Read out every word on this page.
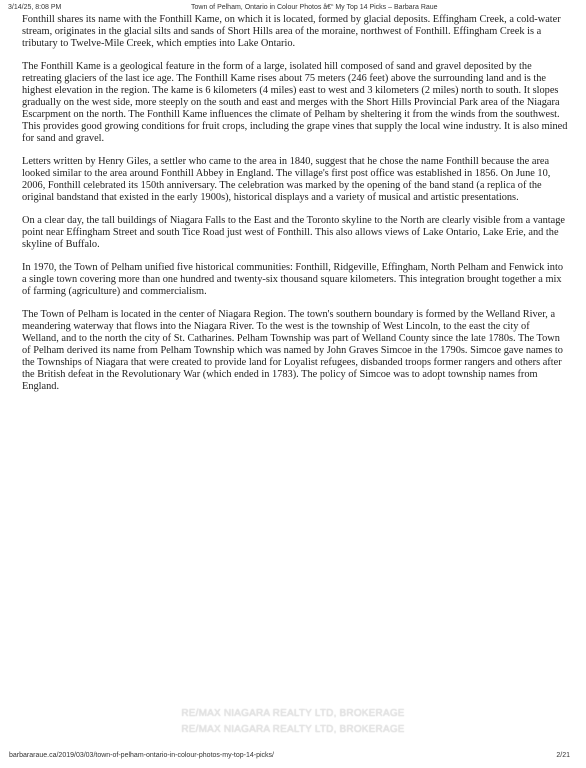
3/14/25, 8:08 PM	Town of Pelham, Ontario in Colour Photos â€“ My Top 14 Picks – Barbara Raue

Fonthill shares its name with the Fonthill Kame, on which it is located, formed by glacial deposits. Effingham Creek, a cold-water stream, originates in the glacial silts and sands of Short Hills area of the moraine, northwest of Fonthill. Effingham Creek is a tributary to Twelve-Mile Creek, which empties into Lake Ontario.

The Fonthill Kame is a geological feature in the form of a large, isolated hill composed of sand and gravel deposited by the retreating glaciers of the last ice age. The Fonthill Kame rises about 75 meters (246 feet) above the surrounding land and is the highest elevation in the region. The kame is 6 kilometers (4 miles) east to west and 3 kilometers (2 miles) north to south. It slopes gradually on the west side, more steeply on the south and east and merges with the Short Hills Provincial Park area of the Niagara Escarpment on the north. The Fonthill Kame influences the climate of Pelham by sheltering it from the winds from the southwest. This provides good growing conditions for fruit crops, including the grape vines that supply the local wine industry. It is also mined for sand and gravel.

Letters written by Henry Giles, a settler who came to the area in 1840, suggest that he chose the name Fonthill because the area looked similar to the area around Fonthill Abbey in England. The village's first post office was established in 1856. On June 10, 2006, Fonthill celebrated its 150th anniversary. The celebration was marked by the opening of the band stand (a replica of the original bandstand that existed in the early 1900s), historical displays and a variety of musical and artistic presentations.

On a clear day, the tall buildings of Niagara Falls to the East and the Toronto skyline to the North are clearly visible from a vantage point near Effingham Street and south Tice Road just west of Fonthill. This also allows views of Lake Ontario, Lake Erie, and the skyline of Buffalo.

In 1970, the Town of Pelham unified five historical communities: Fonthill, Ridgeville, Effingham, North Pelham and Fenwick into a single town covering more than one hundred and twenty-six thousand square kilometers. This integration brought together a mix of farming (agriculture) and commercialism.

The Town of Pelham is located in the center of Niagara Region. The town's southern boundary is formed by the Welland River, a meandering waterway that flows into the Niagara River. To the west is the township of West Lincoln, to the east the city of Welland, and to the north the city of St. Catharines. Pelham Township was part of Welland County since the late 1780s. The Town of Pelham derived its name from Pelham Township which was named by John Graves Simcoe in the 1790s. Simcoe gave names to the Townships of Niagara that were created to provide land for Loyalist refugees, disbanded troops former rangers and others after the British defeat in the Revolutionary War (which ended in 1783). The policy of Simcoe was to adopt township names from England.

RE/MAX NIAGARA REALTY LTD, BROKERAGE
RE/MAX NIAGARA REALTY LTD, BROKERAGE
barbararaue.ca/2019/03/03/town-of-pelham-ontario-in-colour-photos-my-top-14-picks/	2/21
